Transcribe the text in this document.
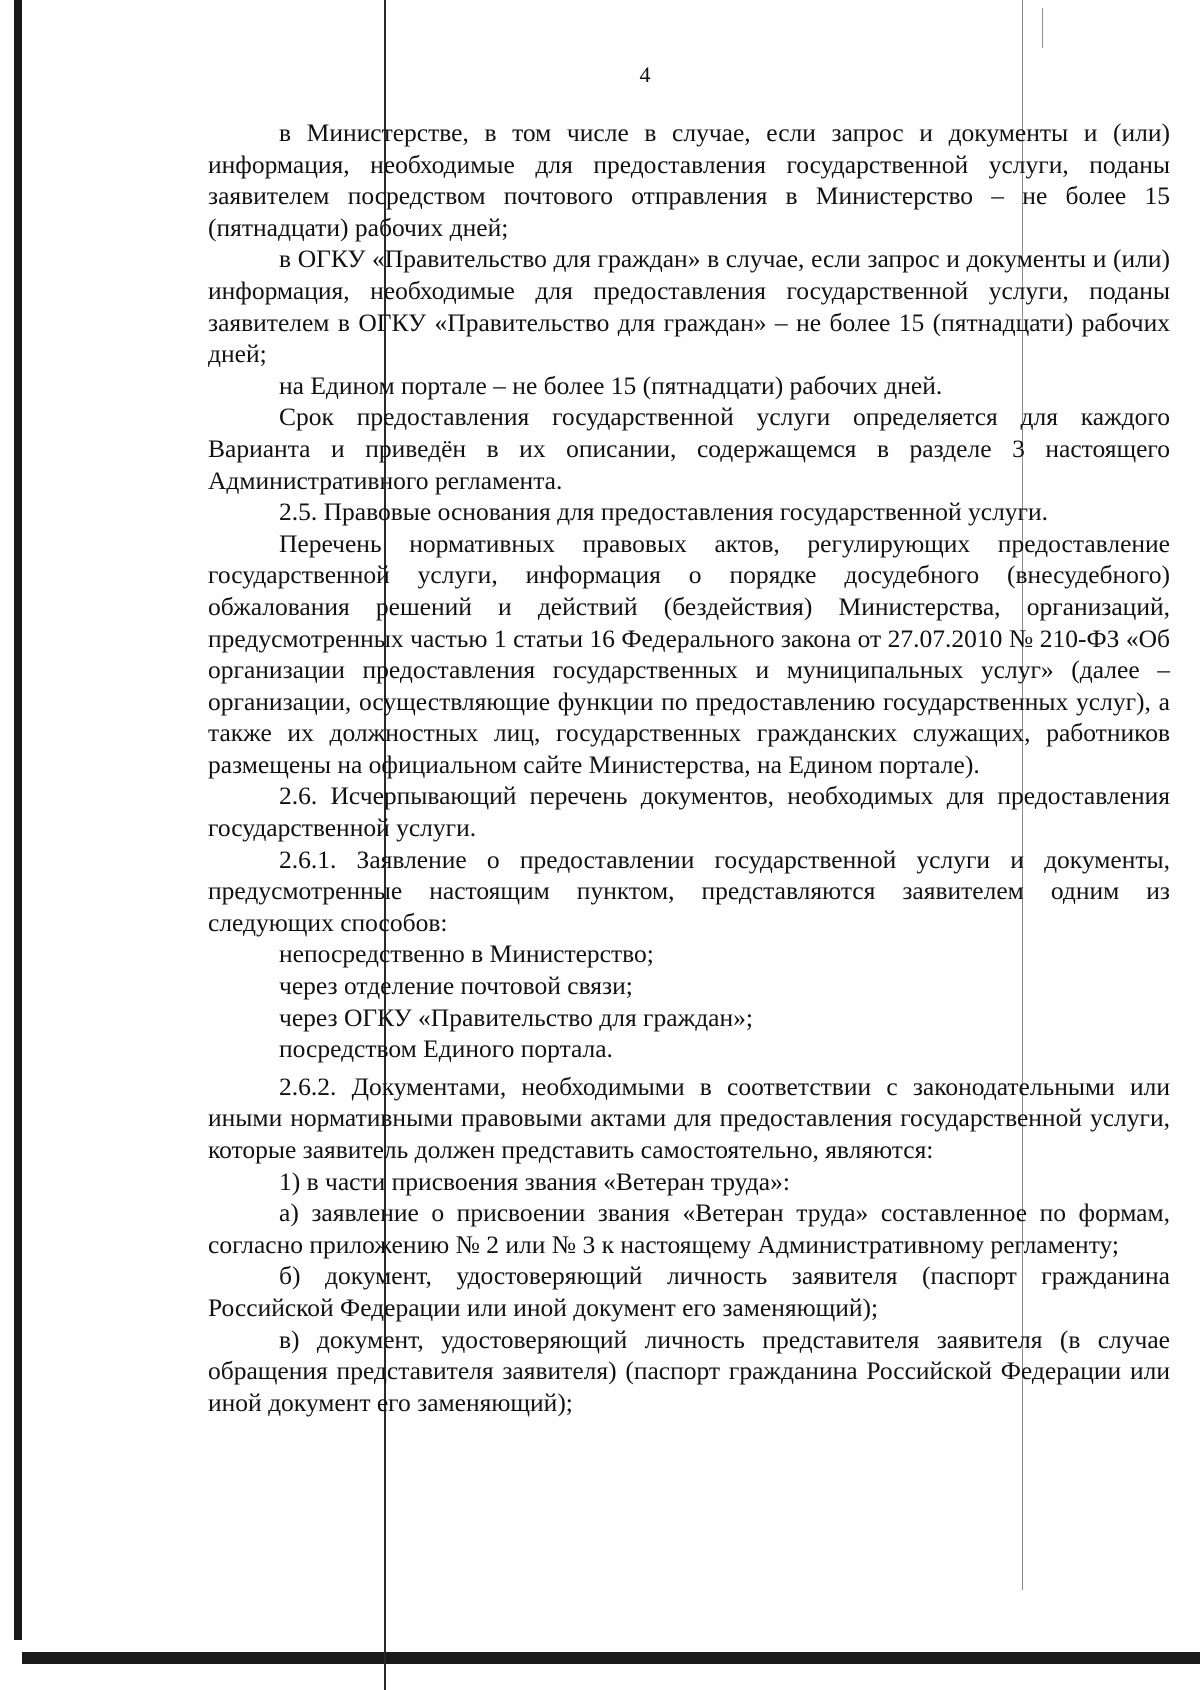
4

в Министерстве, в том числе в случае, если запрос и документы и (или) информация, необходимые для предоставления государственной услуги, поданы заявителем посредством почтового отправления в Министерство – не более 15 (пятнадцати) рабочих дней;

в ОГКУ «Правительство для граждан» в случае, если запрос и документы и (или) информация, необходимые для предоставления государственной услуги, поданы заявителем в ОГКУ «Правительство для граждан» – не более 15 (пятнадцати) рабочих дней;

на Едином портале – не более 15 (пятнадцати) рабочих дней.

Срок предоставления государственной услуги определяется для каждого Варианта и приведён в их описании, содержащемся в разделе 3 настоящего Административного регламента.

2.5. Правовые основания для предоставления государственной услуги.

Перечень нормативных правовых актов, регулирующих предоставление государственной услуги, информация о порядке досудебного (внесудебного) обжалования решений и действий (бездействия) Министерства, организаций, предусмотренных частью 1 статьи 16 Федерального закона от 27.07.2010 № 210-ФЗ «Об организации предоставления государственных и муниципальных услуг» (далее – организации, осуществляющие функции по предоставлению государственных услуг), а также их должностных лиц, государственных гражданских служащих, работников размещены на официальном сайте Министерства, на Едином портале).

2.6. Исчерпывающий перечень документов, необходимых для предоставления государственной услуги.

2.6.1. Заявление о предоставлении государственной услуги и документы, предусмотренные настоящим пунктом, представляются заявителем одним из следующих способов:

непосредственно в Министерство;

через отделение почтовой связи;

через ОГКУ «Правительство для граждан»;

посредством Единого портала.

2.6.2. Документами, необходимыми в соответствии с законодательными или иными нормативными правовыми актами для предоставления государственной услуги, которые заявитель должен представить самостоятельно, являются:

1) в части присвоения звания «Ветеран труда»:

а) заявление о присвоении звания «Ветеран труда» составленное по формам, согласно приложению № 2 или № 3 к настоящему Административному регламенту;

б) документ, удостоверяющий личность заявителя (паспорт гражданина Российской Федерации или иной документ его заменяющий);

в) документ, удостоверяющий личность представителя заявителя (в случае обращения представителя заявителя) (паспорт гражданина Российской Федерации или иной документ его заменяющий);
